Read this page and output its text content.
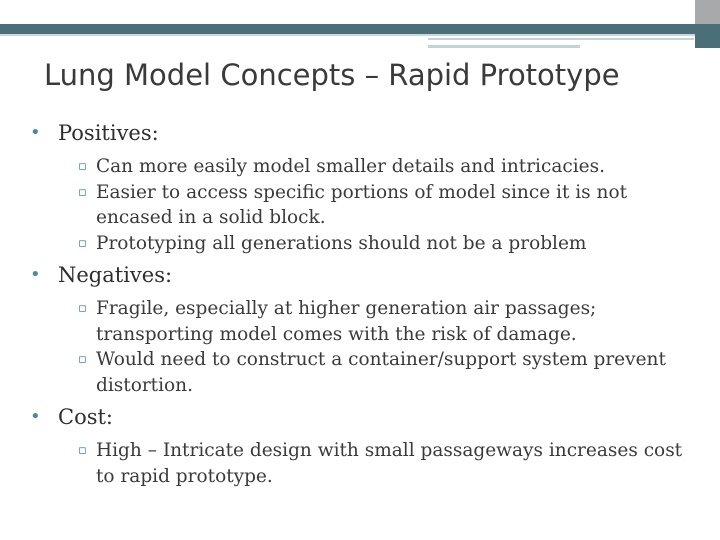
Lung Model Concepts – Rapid Prototype
• Positives:
▫ Can more easily model smaller details and intricacies.
▫ Easier to access specific portions of model since it is not encased in a solid block.
▫ Prototyping all generations should not be a problem
• Negatives:
▫ Fragile, especially at higher generation air passages; transporting model comes with the risk of damage.
▫ Would need to construct a container/support system prevent distortion.
• Cost:
▫ High – Intricate design with small passageways increases cost to rapid prototype.
